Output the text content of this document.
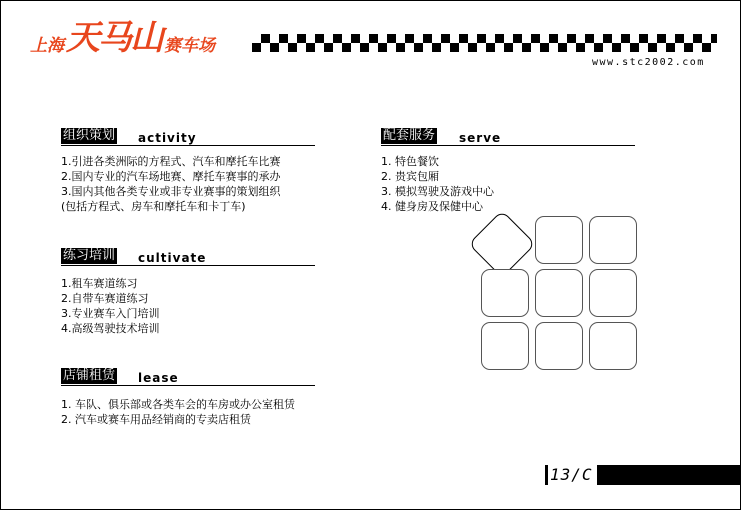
上海 天马山 赛车场
www.stc2002.com
组织策划 activity
1.引进各类洲际的方程式、汽车和摩托车比赛
2.国内专业的汽车场地赛、摩托车赛事的承办
3.国内其他各类专业或非专业赛事的策划组织
(包括方程式、房车和摩托车和卡丁车)
练习培训 cultivate
1.租车赛道练习
2.自带车赛道练习
3.专业赛车入门培训
4.高级驾驶技术培训
店铺租赁 lease
1. 车队、俱乐部或各类车会的车房或办公室租赁
2. 汽车或赛车用品经销商的专卖店租赁
配套服务 serve
1. 特色餐饮
2. 贵宾包厢
3. 模拟驾驶及游戏中心
4. 健身房及保健中心
13/C
